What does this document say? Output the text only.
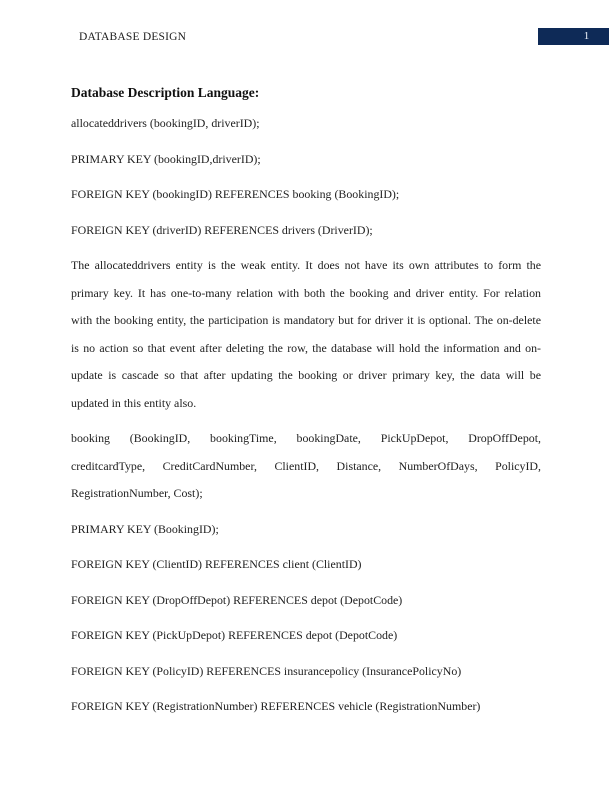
DATABASE DESIGN	1

Database Description Language:

allocateddrivers (bookingID, driverID);

PRIMARY KEY (bookingID,driverID);

FOREIGN KEY (bookingID) REFERENCES booking (BookingID);

FOREIGN KEY (driverID) REFERENCES drivers (DriverID);

The allocateddrivers entity is the weak entity. It does not have its own attributes to form the
primary key. It has one-to-many relation with both the booking and driver entity. For relation
with the booking entity, the participation is mandatory but for driver it is optional. The on-delete
is no action so that event after deleting the row, the database will hold the information and on-
update is cascade so that after updating the booking or driver primary key, the data will be
updated in this entity also.
booking (BookingID, bookingTime, bookingDate, PickUpDepot, DropOffDepot,
creditcardType, CreditCardNumber, ClientID, Distance, NumberOfDays, PolicyID,
RegistrationNumber, Cost);

PRIMARY KEY (BookingID);

FOREIGN KEY (ClientID) REFERENCES client (ClientID)

FOREIGN KEY (DropOffDepot) REFERENCES depot (DepotCode)

FOREIGN KEY (PickUpDepot) REFERENCES depot (DepotCode)

FOREIGN KEY (PolicyID) REFERENCES insurancepolicy (InsurancePolicyNo)

FOREIGN KEY (RegistrationNumber) REFERENCES vehicle (RegistrationNumber)
